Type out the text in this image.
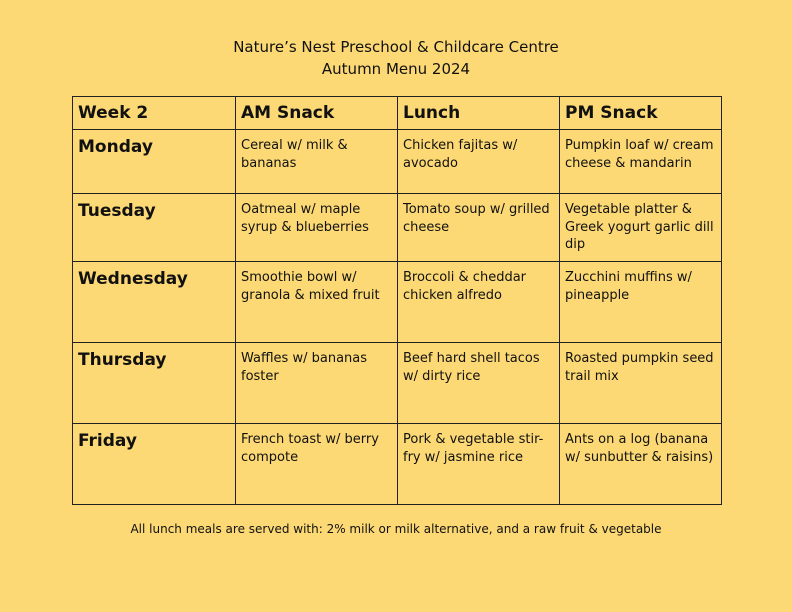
Nature’s Nest Preschool & Childcare Centre
Autumn Menu 2024
Week 2	AM Snack	Lunch	PM Snack
Monday	Cereal w/ milk & bananas	Chicken fajitas w/ avocado	Pumpkin loaf w/ cream cheese & mandarin
Tuesday	Oatmeal w/ maple syrup & blueberries	Tomato soup w/ grilled cheese	Vegetable platter & Greek yogurt garlic dill dip
Wednesday	Smoothie bowl w/ granola & mixed fruit	Broccoli & cheddar chicken alfredo	Zucchini muffins w/ pineapple
Thursday	Waffles w/ bananas foster	Beef hard shell tacos w/ dirty rice	Roasted pumpkin seed trail mix
Friday	French toast w/ berry compote	Pork & vegetable stir-fry w/ jasmine rice	Ants on a log (banana w/ sunbutter & raisins)
All lunch meals are served with: 2% milk or milk alternative, and a raw fruit & vegetable
